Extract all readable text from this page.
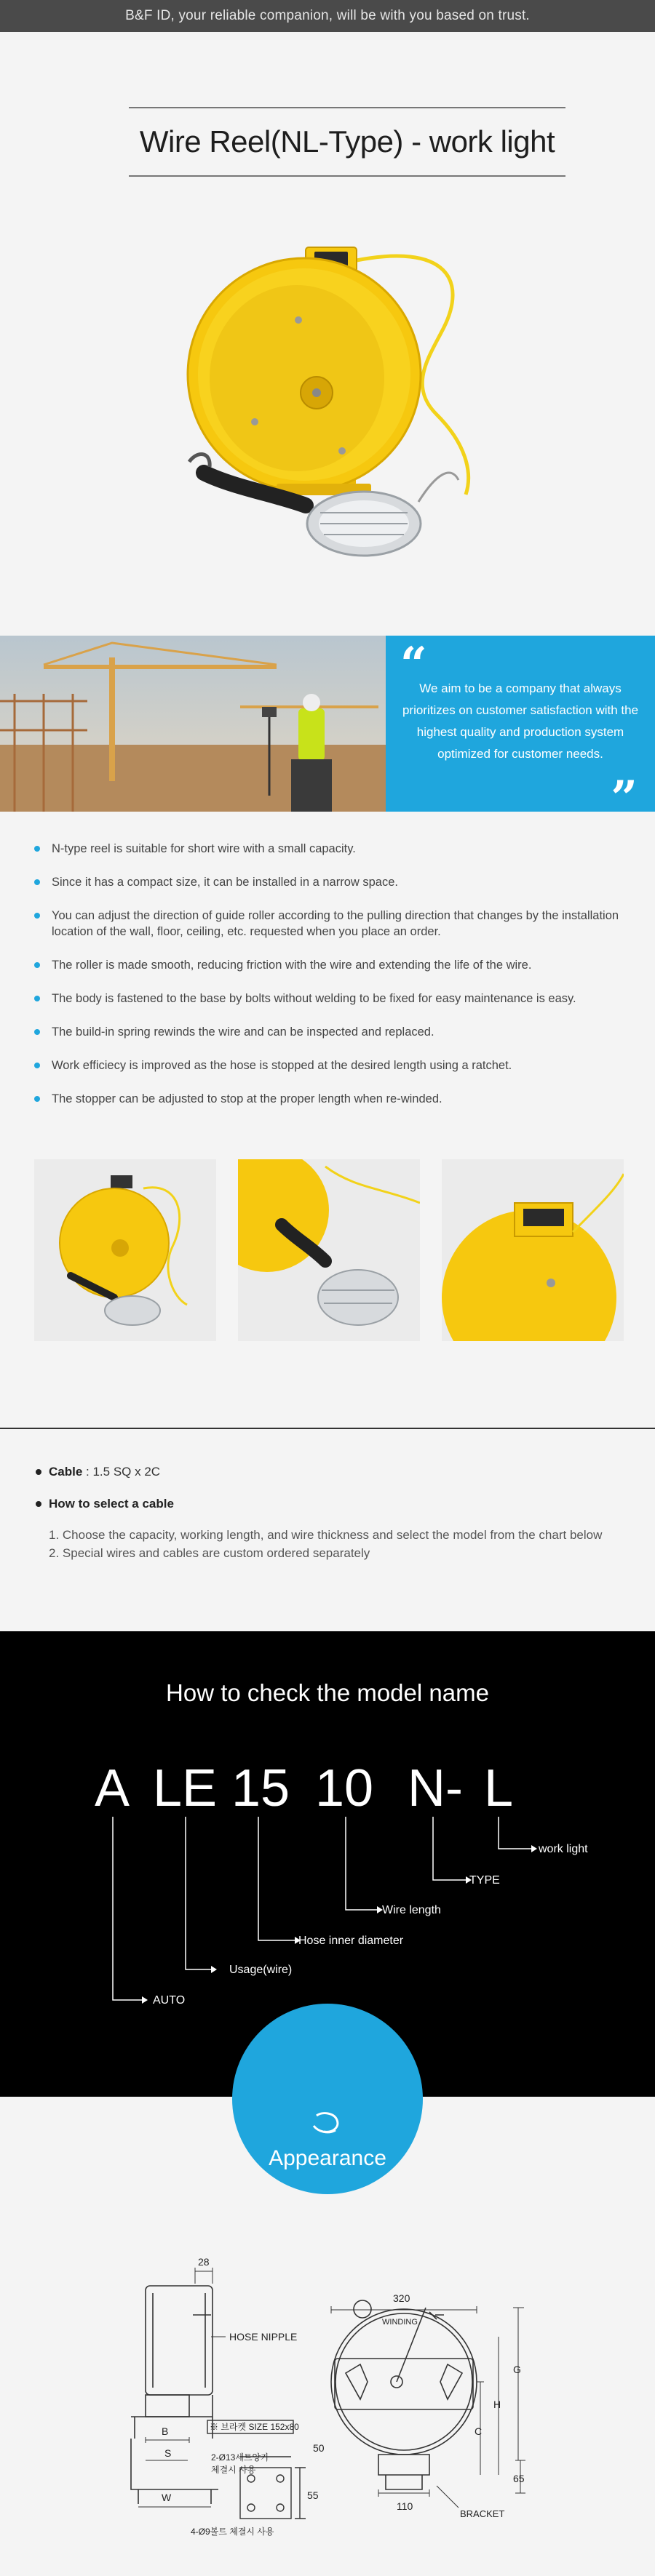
B&F ID, your reliable companion, will be with you based on trust.
Wire Reel(NL-Type) - work light
“

We aim to be a company that always prioritizes on customer satisfaction with the highest quality and production system optimized for customer needs.

”
N-type reel is suitable for short wire with a small capacity.
Since it has a compact size, it can be installed in a narrow space.
You can adjust the direction of guide roller according to the pulling direction that changes by the installation location of the wall, floor, ceiling, etc. requested when you place an order.
The roller is made smooth, reducing friction with the wire and extending the life of the wire.
The body is fastened to the base by bolts without welding to be fixed for easy maintenance is easy.
The build-in spring rewinds the wire and can be inspected and replaced.
Work efficiecy is improved as the hose is stopped at the desired length using a ratchet.
The stopper can be adjusted to stop at the proper length when re-winded.
Cable : 1.5 SQ x 2C
How to select a cable
1. Choose the capacity, working length, and wire thickness and select the model from the chart below
2. Special wires and cables are custom ordered separately
How to check the model name
A LE 15 10 N- L
AUTO
Usage(wire)
Hose inner diameter
Wire length
TYPE
work light
Appearance
28
HOSE NIPPLE
B
S
W
※ 브라켓 SIZE 152x80
50
2-Ø13세트앙카
체결시 사용
55
4-Ø9볼트 체결시 사용
320
WINDING
110
C
H
G
65
BRACKET
